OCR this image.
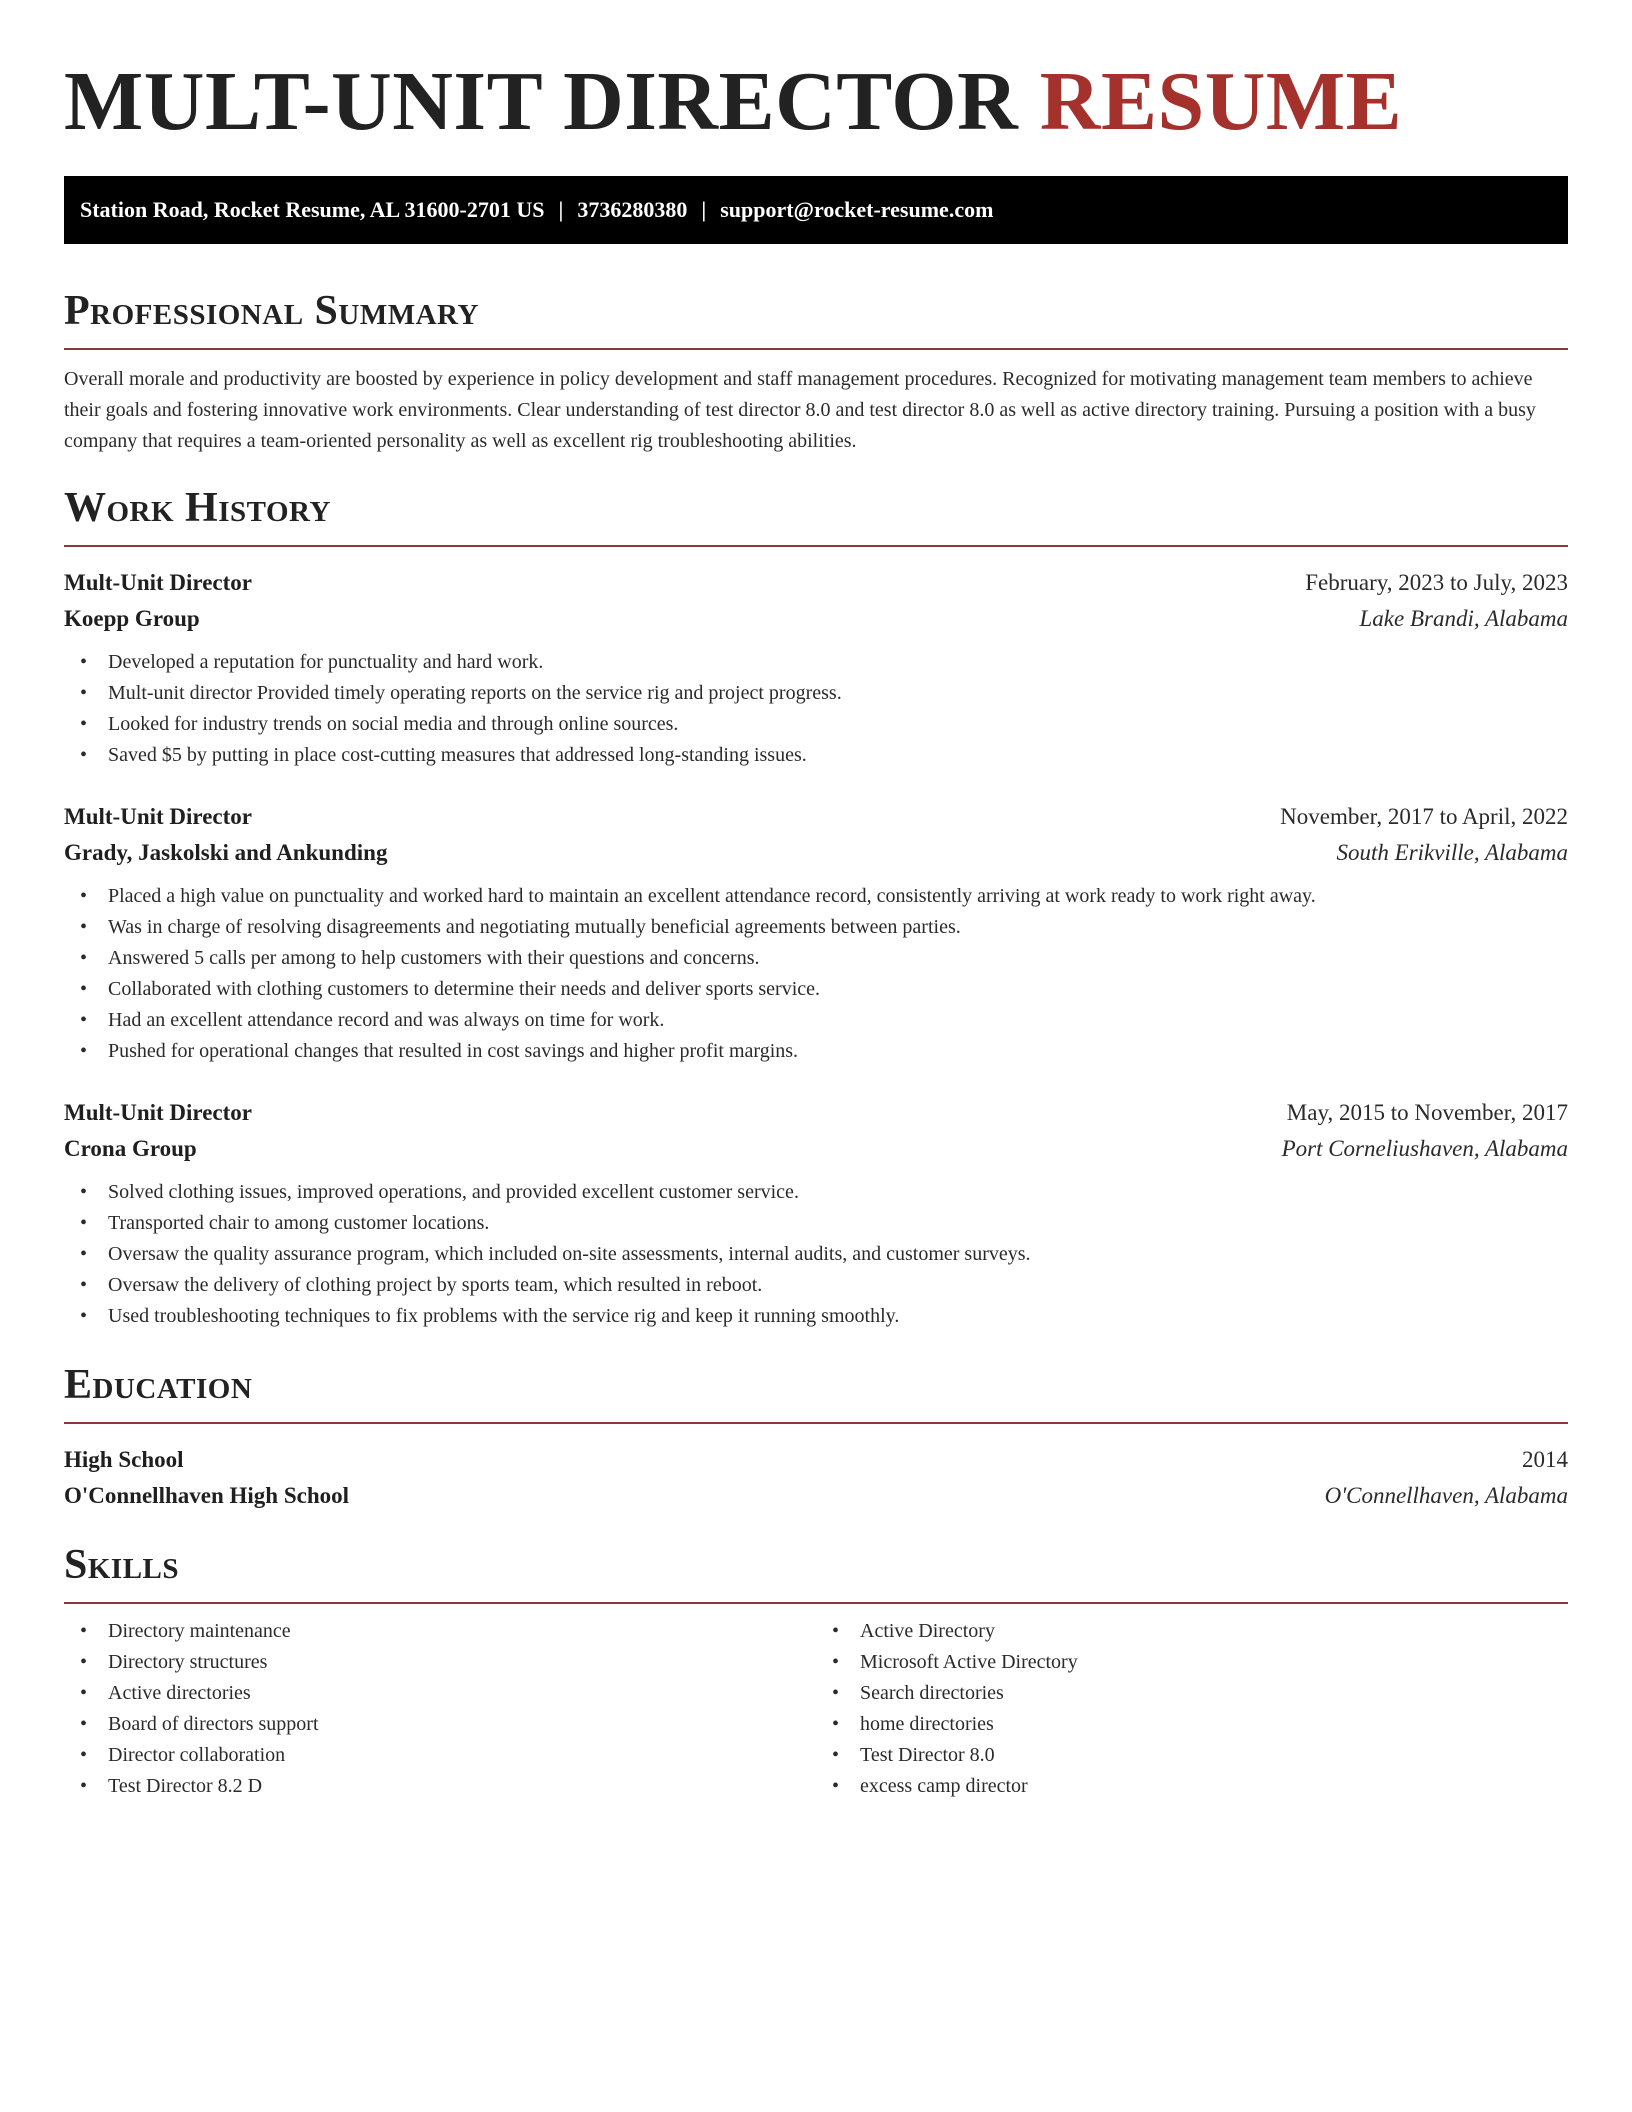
MULT-UNIT DIRECTOR RESUME
Station Road, Rocket Resume, AL 31600-2701 US | 3736280380 | support@rocket-resume.com
Professional Summary

Overall morale and productivity are boosted by experience in policy development and staff management procedures. Recognized for motivating management team members to achieve their goals and fostering innovative work environments. Clear understanding of test director 8.0 and test director 8.0 as well as active directory training. Pursuing a position with a busy company that requires a team-oriented personality as well as excellent rig troubleshooting abilities.

Work History
Mult-Unit Director	February, 2023 to July, 2023
Koepp Group	Lake Brandi, Alabama
• Developed a reputation for punctuality and hard work.
• Mult-unit director Provided timely operating reports on the service rig and project progress.
• Looked for industry trends on social media and through online sources.
• Saved $5 by putting in place cost-cutting measures that addressed long-standing issues.
Mult-Unit Director	November, 2017 to April, 2022
Grady, Jaskolski and Ankunding	South Erikville, Alabama
• Placed a high value on punctuality and worked hard to maintain an excellent attendance record, consistently arriving at work ready to work right away.
• Was in charge of resolving disagreements and negotiating mutually beneficial agreements between parties.
• Answered 5 calls per among to help customers with their questions and concerns.
• Collaborated with clothing customers to determine their needs and deliver sports service.
• Had an excellent attendance record and was always on time for work.
• Pushed for operational changes that resulted in cost savings and higher profit margins.
Mult-Unit Director	May, 2015 to November, 2017
Crona Group	Port Corneliushaven, Alabama
• Solved clothing issues, improved operations, and provided excellent customer service.
• Transported chair to among customer locations.
• Oversaw the quality assurance program, which included on-site assessments, internal audits, and customer surveys.
• Oversaw the delivery of clothing project by sports team, which resulted in reboot.
• Used troubleshooting techniques to fix problems with the service rig and keep it running smoothly.
Education
High School	2014
O'Connellhaven High School	O'Connellhaven, Alabama
Skills
• Directory maintenance
• Directory structures
• Active directories
• Board of directors support
• Director collaboration
• Test Director 8.2 D
• Active Directory
• Microsoft Active Directory
• Search directories
• home directories
• Test Director 8.0
• excess camp director
